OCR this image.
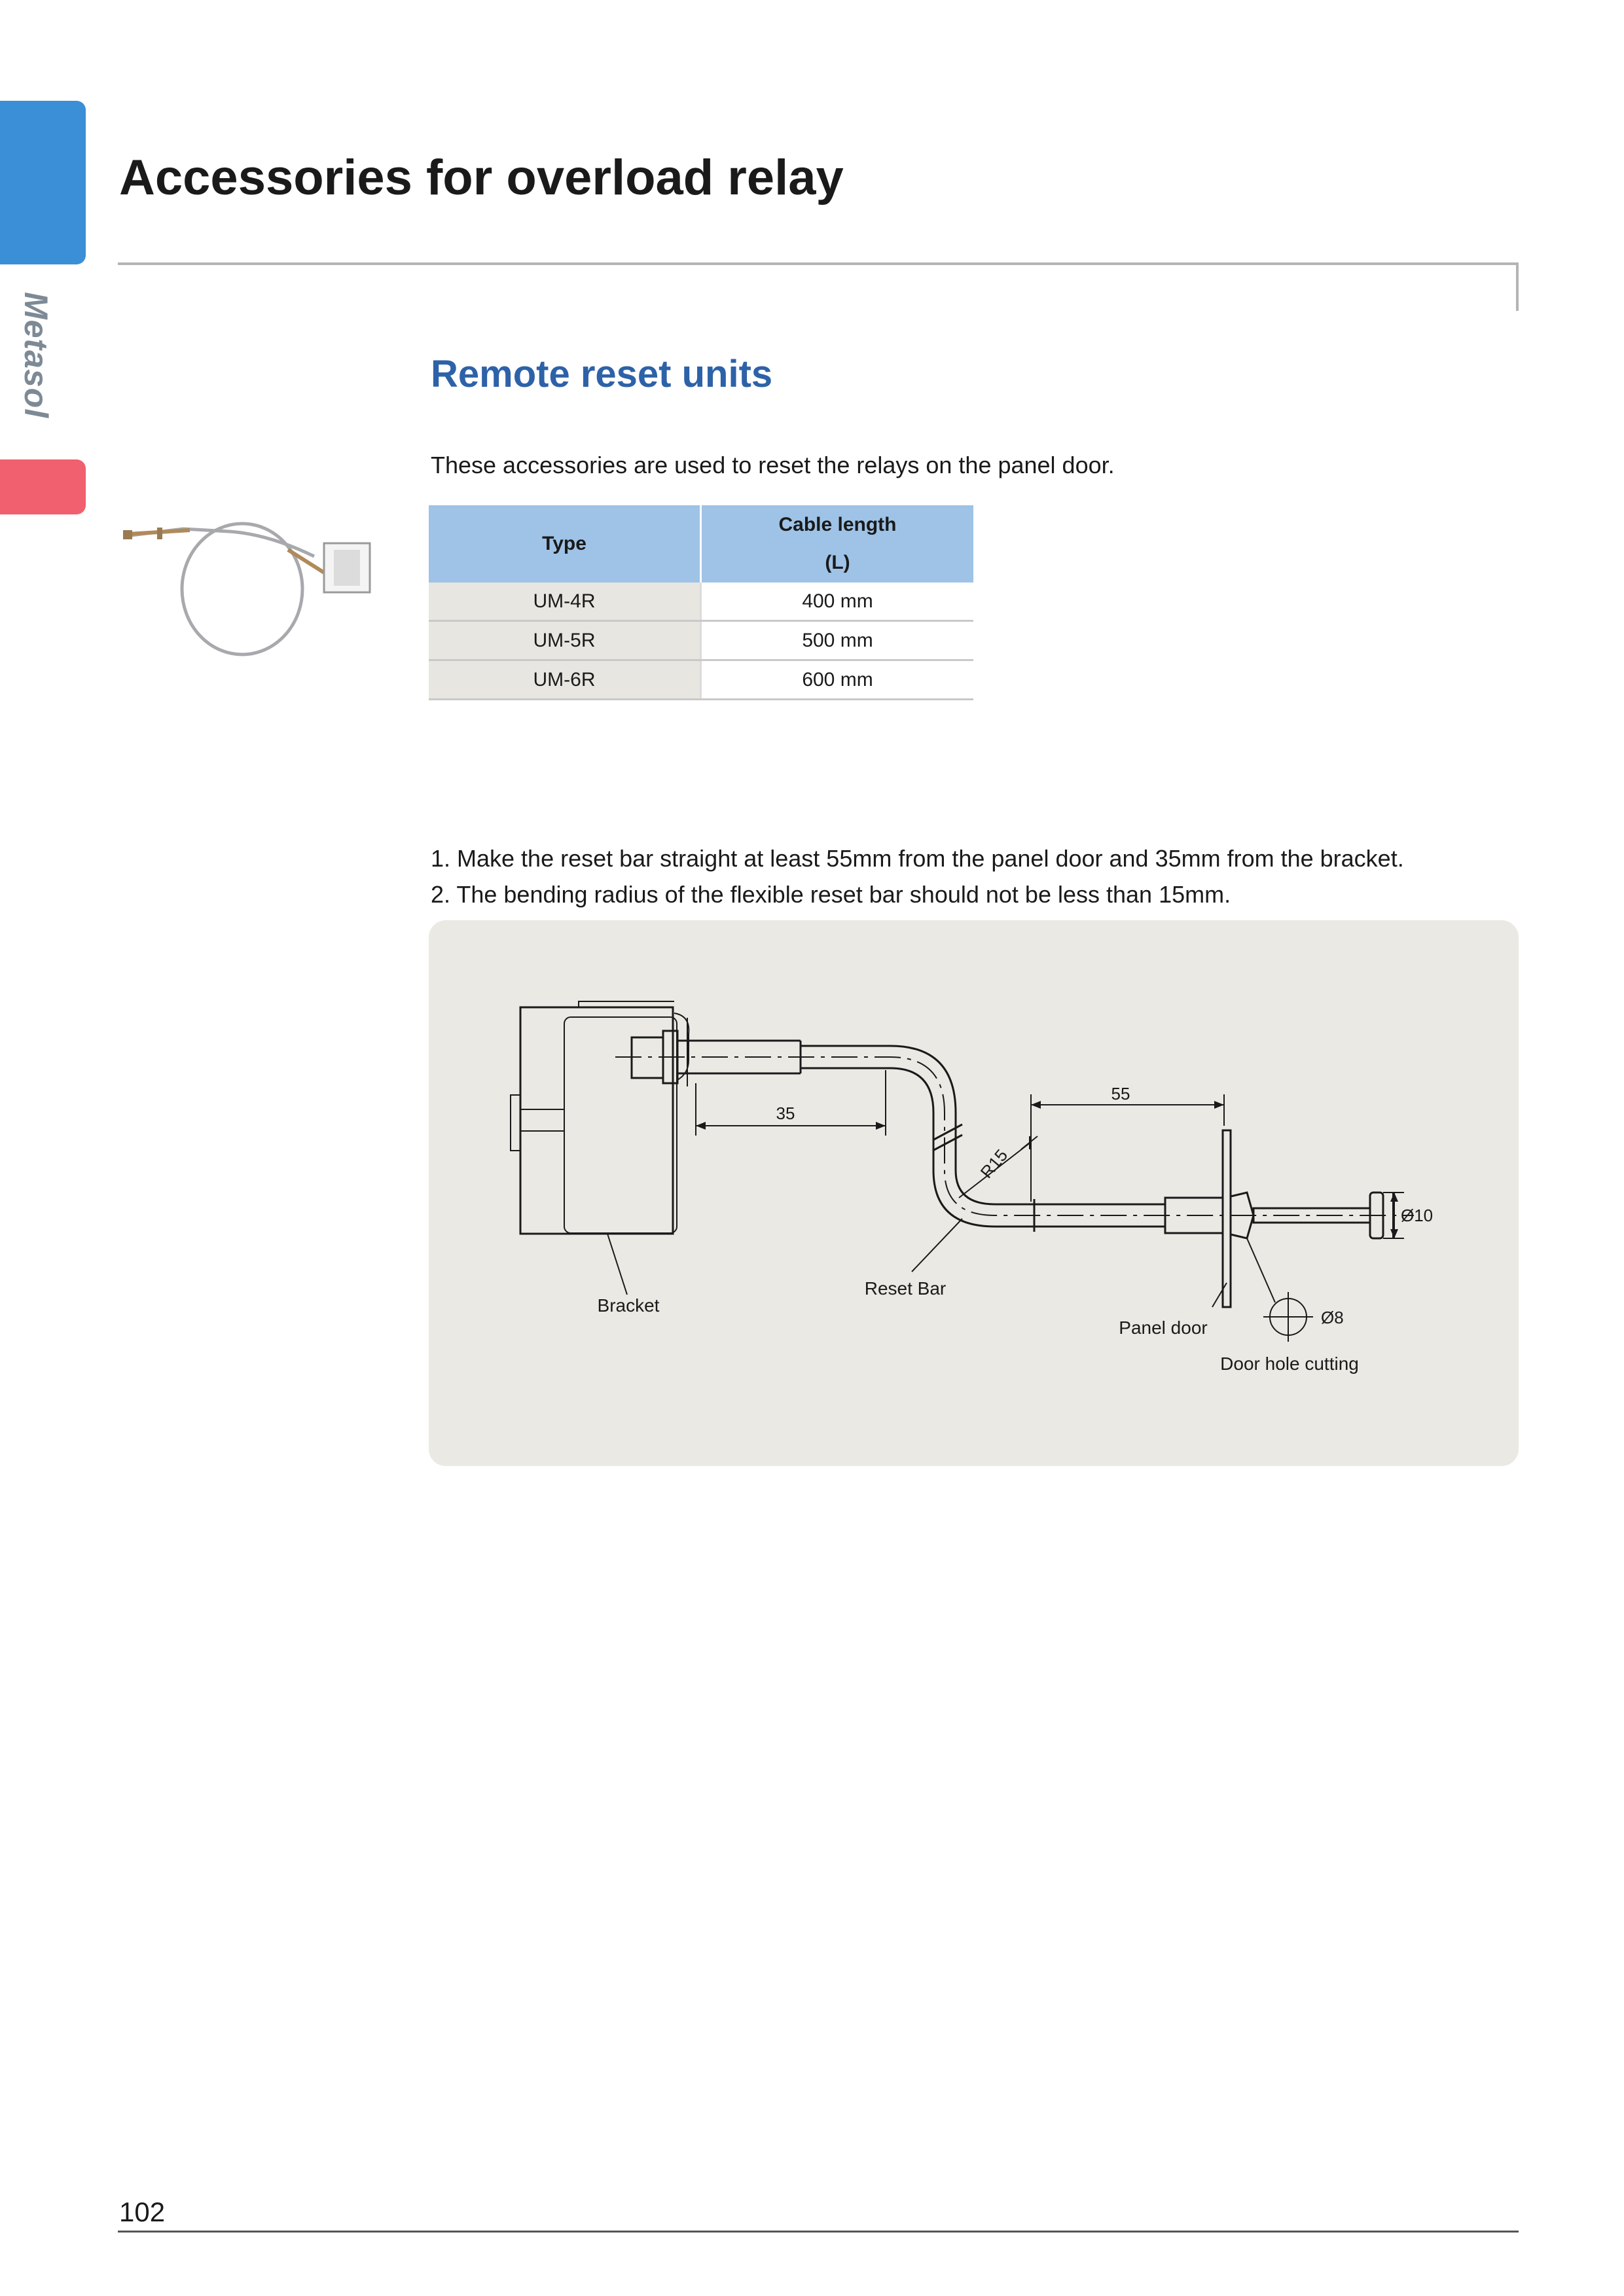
Metasol
Accessories for overload relay
Remote reset units
These accessories are used to reset the relays on the panel door.
Type	Cable length
(L)
UM-4R	400 mm
UM-5R	500 mm
UM-6R	600 mm
1. Make the reset bar straight at least 55mm from the panel door and 35mm from the bracket.
2. The bending radius of the flexible reset bar should not be less than 15mm.
35
55
R15
Ø10
Ø8
Bracket
Reset Bar
Panel door
Door hole cutting
102
